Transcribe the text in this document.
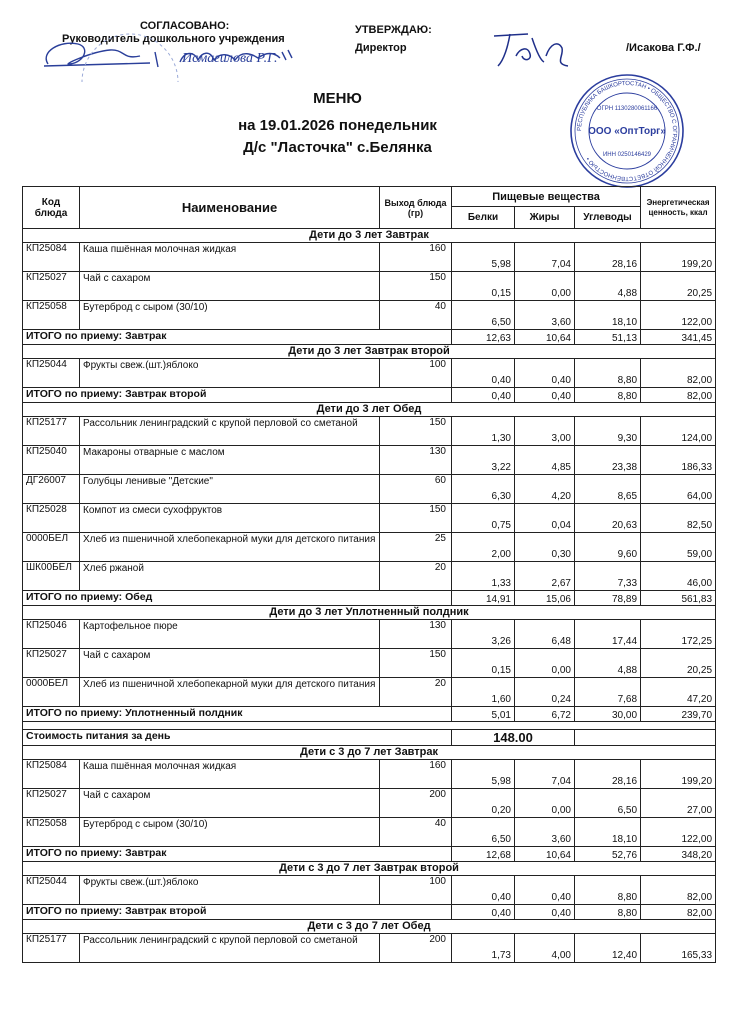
СОГЛАСОВАНО:
Руководитель дошкольного учреждения
УТВЕРЖДАЮ:
Директор	/Исакова Г.Ф./
Исмагилова Р.Г.
РЕСПУБЛИКА БАШКОРТОСТАН • ОБЩЕСТВО С ОГРАНИЧЕННОЙ ОТВЕТСТВЕННОСТЬЮ •
ОГРН 1130280061166
ООО «ОптТорг»
ИНН 0250146429
МЕНЮ
на 19.01.2026 понедельник
Д/с "Ласточка" с.Белянка
Код блюда	Наименование	Выход блюда (гр)	Пищевые вещества			Энергетическая ценность, ккал
			Белки	Жиры	Углеводы	
Дети до 3 лет Завтрак						
КП25084	Каша пшённая молочная жидкая	160	5,98	7,04	28,16	199,20
КП25027	Чай с сахаром	150	0,15	0,00	4,88	20,25
КП25058	Бутерброд с сыром (30/10)	40	6,50	3,60	18,10	122,00
ИТОГО по приему: Завтрак			12,63	10,64	51,13	341,45
Дети до 3 лет Завтрак второй						
КП25044	Фрукты свеж.(шт.)яблоко	100	0,40	0,40	8,80	82,00
ИТОГО по приему: Завтрак второй			0,40	0,40	8,80	82,00
Дети до 3 лет Обед						
КП25177	Рассольник ленинградский с крупой перловой со сметаной	150	1,30	3,00	9,30	124,00
КП25040	Макароны отварные с маслом	130	3,22	4,85	23,38	186,33
ДГ26007	Голубцы ленивые "Детские"	60	6,30	4,20	8,65	64,00
КП25028	Компот из смеси сухофруктов	150	0,75	0,04	20,63	82,50
0000БЕЛ	Хлеб из пшеничной хлебопекарной муки для детского питания	25	2,00	0,30	9,60	59,00
ШК00БЕЛ	Хлеб ржаной	20	1,33	2,67	7,33	46,00
ИТОГО по приему: Обед			14,91	15,06	78,89	561,83
Дети до 3 лет Уплотненный полдник						
КП25046	Картофельное пюре	130	3,26	6,48	17,44	172,25
КП25027	Чай с сахаром	150	0,15	0,00	4,88	20,25
0000БЕЛ	Хлеб из пшеничной хлебопекарной муки для детского питания	20	1,60	0,24	7,68	47,20
ИТОГО по приему: Уплотненный полдник			5,01	6,72	30,00	239,70

Стоимость питания за день			148.00			
Дети с 3 до 7 лет Завтрак						
КП25084	Каша пшённая молочная жидкая	160	5,98	7,04	28,16	199,20
КП25027	Чай с сахаром	200	0,20	0,00	6,50	27,00
КП25058	Бутерброд с сыром (30/10)	40	6,50	3,60	18,10	122,00
ИТОГО по приему: Завтрак			12,68	10,64	52,76	348,20
Дети с 3 до 7 лет Завтрак второй						
КП25044	Фрукты свеж.(шт.)яблоко	100	0,40	0,40	8,80	82,00
ИТОГО по приему: Завтрак второй			0,40	0,40	8,80	82,00
Дети с 3 до 7 лет Обед						
КП25177	Рассольник ленинградский с крупой перловой со сметаной	200	1,73	4,00	12,40	165,33
